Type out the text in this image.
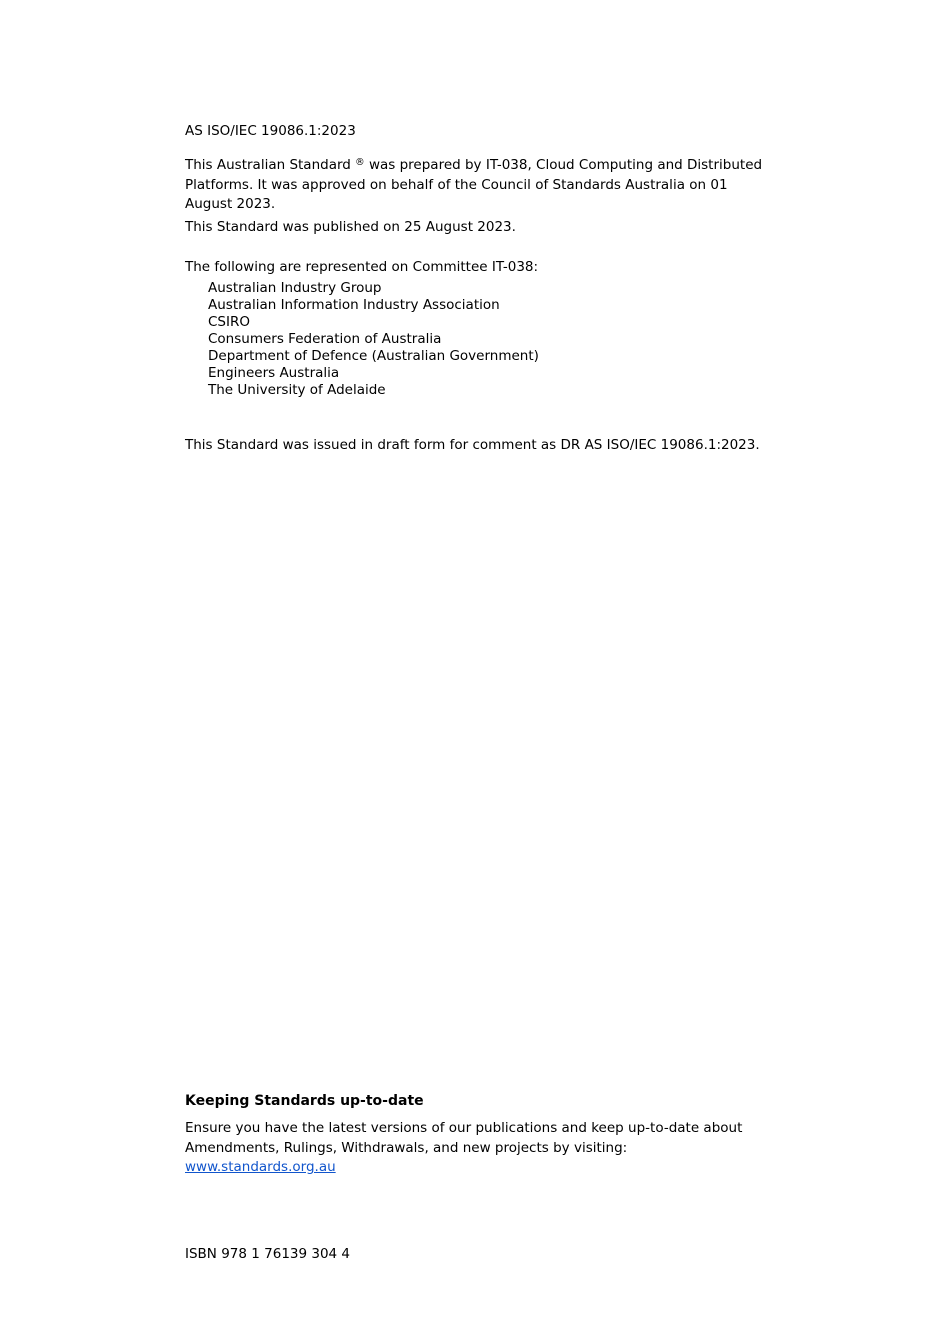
AS ISO/IEC 19086.1:2023
This Australian Standard ® was prepared by IT-038, Cloud Computing and Distributed Platforms. It was approved on behalf of the Council of Standards Australia on 01 August 2023.
This Standard was published on 25 August 2023.
The following are represented on Committee IT-038:
Australian Industry Group
Australian Information Industry Association
CSIRO
Consumers Federation of Australia
Department of Defence (Australian Government)
Engineers Australia
The University of Adelaide
This Standard was issued in draft form for comment as DR AS ISO/IEC 19086.1:2023.
Keeping Standards up-to-date
Ensure you have the latest versions of our publications and keep up-to-date about Amendments, Rulings, Withdrawals, and new projects by visiting:
www.standards.org.au
ISBN 978 1 76139 304 4
